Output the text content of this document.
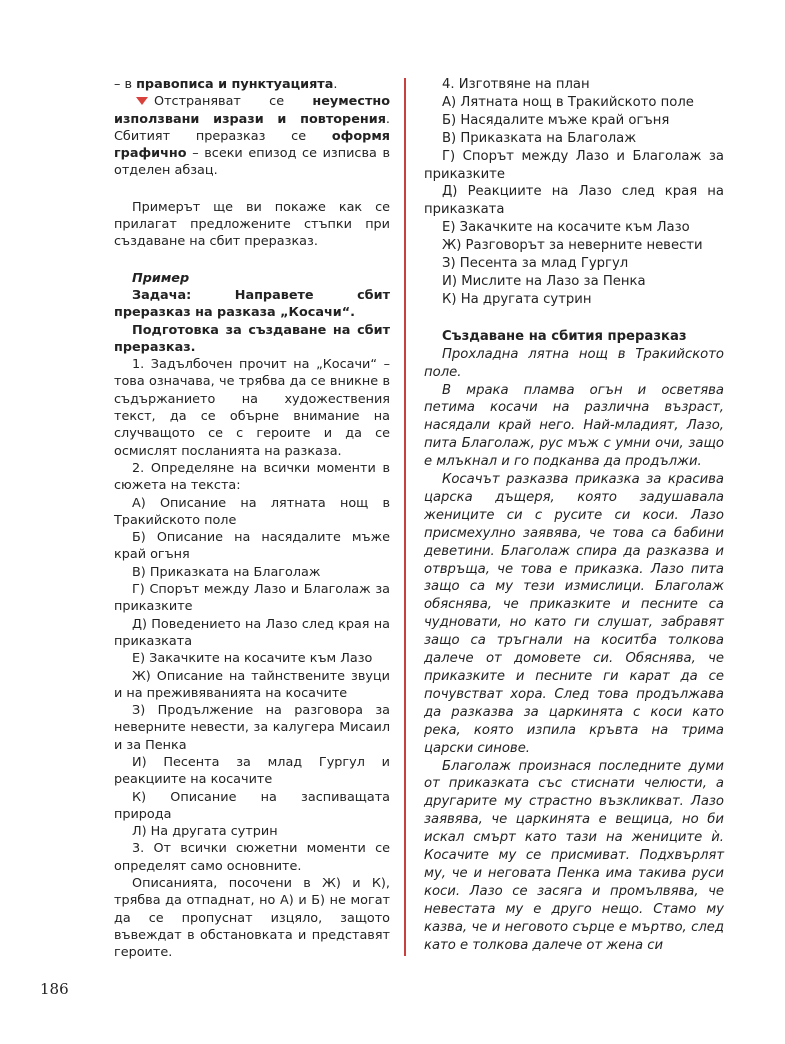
– в правописа и пунктуацията.

Отстраняват се неуместно използвани изрази и повторения. Сбитият преразказ се оформя графично – всеки епизод се изписва в отделен абзац.

Примерът ще ви покаже как се прилагат предложените стъпки при създаване на сбит преразказ.

Пример

Задача: Направете сбит преразказ на разказа „Косачи“.

Подготовка за създаване на сбит преразказ.

1. Задълбочен прочит на „Косачи“ – това означава, че трябва да се вникне в съдържанието на художествения текст, да се обърне внимание на случващото се с героите и да се осмислят посланията на разказа.

2. Определяне на всички моменти в сюжета на текста:

А) Описание на лятната нощ в Тракийското поле

Б) Описание на насядалите мъже край огъня

В) Приказката на Благолаж

Г) Спорът между Лазо и Благолаж за приказките

Д) Поведението на Лазо след края на приказката

Е) Закачките на косачите към Лазо

Ж) Описание на тайнствените звуци и на преживяванията на косачите

З) Продължение на разговора за неверните невести, за калугера Мисаил и за Пенка

И) Песента за млад Гургул и реакциите на косачите

К) Описание на заспиващата природа

Л) На другата сутрин

3. От всички сюжетни моменти се определят само основните.

Описанията, посочени в Ж) и К), трябва да отпаднат, но А) и Б) не могат да се пропуснат изцяло, защото въвеждат в обстановката и представят героите.

4. Изготвяне на план

А) Лятната нощ в Тракийското поле

Б) Насядалите мъже край огъня

В) Приказката на Благолаж

Г) Спорът между Лазо и Благолаж за приказките

Д) Реакциите на Лазо след края на приказката

Е) Закачките на косачите към Лазо

Ж) Разговорът за неверните невести

З) Песента за млад Гургул

И) Мислите на Лазо за Пенка

К) На другата сутрин

Създаване на сбития преразказ

Прохладна лятна нощ в Тракийското поле.

В мрака пламва огън и осветява петима косачи на различна възраст, насядали край него. Най-младият, Лазо, пита Благолаж, рус мъж с умни очи, защо е млъкнал и го подканва да продължи.

Косачът разказва приказка за красива царска дъщеря, която задушавала жениците си с русите си коси. Лазо присмехулно заявява, че това са бабини деветини. Благолаж спира да разказва и отвръща, че това е приказка. Лазо пита защо са му тези измислици. Благолаж обяснява, че приказките и песните са чудновати, но като ги слушат, забравят защо са тръгнали на коситба толкова далече от домовете си. Обяснява, че приказките и песните ги карат да се почувстват хора. След това продължава да разказва за царкинята с коси като река, която изпила кръвта на трима царски синове.

Благолаж произнася последните думи от приказката със стиснати челюсти, а другарите му страстно възкликват. Лазо заявява, че царкинята е вещица, но би искал смърт като тази на жениците ѝ. Косачите му се присмиват. Подхвърлят му, че и неговата Пенка има такива руси коси. Лазо се засяга и промълвява, че невестата му е друго нещо. Стамо му казва, че и неговото сърце е мъртво, след като е толкова далече от жена си

186
